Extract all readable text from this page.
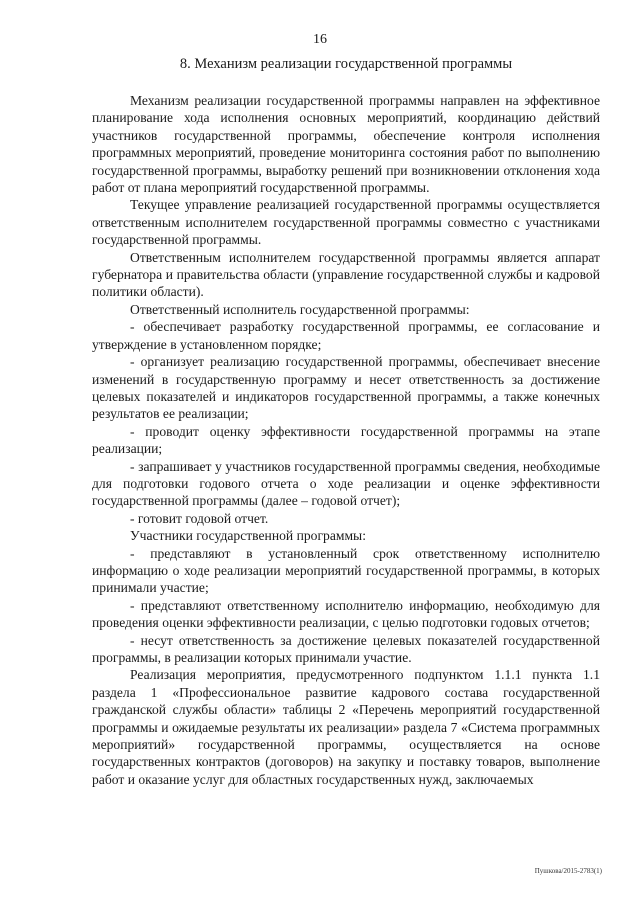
16
8. Механизм реализации государственной программы

Механизм реализации государственной программы направлен на эффективное планирование хода исполнения основных мероприятий, координацию действий участников государственной программы, обеспечение контроля исполнения программных мероприятий, проведение мониторинга состояния работ по выполнению государственной программы, выработку решений при возникновении отклонения хода работ от плана мероприятий государственной программы.

Текущее управление реализацией государственной программы осуществляется ответственным исполнителем государственной программы совместно с участниками государственной программы.

Ответственным исполнителем государственной программы является аппарат губернатора и правительства области (управление государственной службы и кадровой политики области).

Ответственный исполнитель государственной программы:

- обеспечивает разработку государственной программы, ее согласование и утверждение в установленном порядке;

- организует реализацию государственной программы, обеспечивает внесение изменений в государственную программу и несет ответственность за достижение целевых показателей и индикаторов государственной программы, а также конечных результатов ее реализации;

- проводит оценку эффективности государственной программы на этапе реализации;

- запрашивает у участников государственной программы сведения, необходимые для подготовки годового отчета о ходе реализации и оценке эффективности государственной программы (далее – годовой отчет);

- готовит годовой отчет.

Участники государственной программы:

- представляют в установленный срок ответственному исполнителю информацию о ходе реализации мероприятий государственной программы, в которых принимали участие;

- представляют ответственному исполнителю информацию, необходимую для проведения оценки эффективности реализации, с целью подготовки годовых отчетов;

- несут ответственность за достижение целевых показателей государственной программы, в реализации которых принимали участие.

Реализация мероприятия, предусмотренного подпунктом 1.1.1 пункта 1.1 раздела 1 «Профессиональное развитие кадрового состава государственной гражданской службы области» таблицы 2 «Перечень мероприятий государственной программы и ожидаемые результаты их реализации» раздела 7 «Система программных мероприятий» государственной программы, осуществляется на основе государственных контрактов (договоров) на закупку и поставку товаров, выполнение работ и оказание услуг для областных государственных нужд, заключаемых

Пушкова/2015-2783(1)
